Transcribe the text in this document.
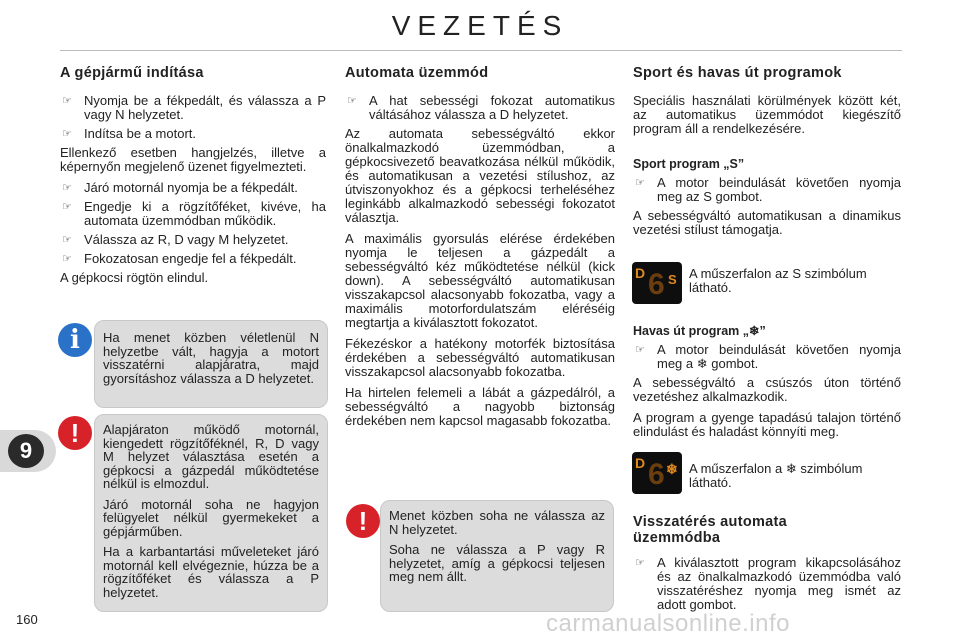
VEZETÉS
A gépjármű indítása
☞ Nyomja be a fékpedált, és válassza a P vagy N helyzetet.
☞ Indítsa be a motort.

Ellenkező esetben hangjelzés, illetve a képernyőn megjelenő üzenet figyelmezteti.

☞ Járó motornál nyomja be a fékpedált.
☞ Engedje ki a rögzítőféket, kivéve, ha automata üzemmódban működik.
☞ Válassza az R, D vagy M helyzetet.
☞ Fokozatosan engedje fel a fékpedált.

A gépkocsi rögtön elindul.

i	Ha menet közben véletlenül N helyzetbe vált, hagyja a motort visszatérni alapjáratra, majd gyorsításhoz válassza a D helyzetet.

!	Alapjáraton működő motornál, kiengedett rögzítőféknél, R, D vagy M helyzet választása esetén a gépkocsi a gázpedál működtetése nélkül is elmozdul.

Járó motornál soha ne hagyjon felügyelet nélkül gyermekeket a gépjárműben.

Ha a karbantartási műveleteket járó motornál kell elvégeznie, húzza be a rögzítőféket és válassza a P helyzetet.

Automata üzemmód
☞ A hat sebességi fokozat automatikus váltásához válassza a D helyzetet.

Az automata sebességváltó ekkor önalkalmazkodó üzemmódban, a gépkocsivezető beavatkozása nélkül működik, és automatikusan a vezetési stílushoz, az útviszonyokhoz és a gépkocsi terheléséhez leginkább alkalmazkodó sebességi fokozatot választja.

A maximális gyorsulás elérése érdekében nyomja le teljesen a gázpedált a sebességváltó kéz működtetése nélkül (kick down). A sebességváltó automatikusan visszakapcsol alacsonyabb fokozatba, vagy a maximális motorfordulatszám eléréséig megtartja a kiválasztott fokozatot.

Fékezéskor a hatékony motorfék biztosítása érdekében a sebességváltó automatikusan visszakapcsol alacsonyabb fokozatba.

Ha hirtelen felemeli a lábát a gázpedálról, a sebességváltó a nagyobb biztonság érdekében nem kapcsol magasabb fokozatba.

!	Menet közben soha ne válassza az N helyzetet.

Soha ne válassza a P vagy R helyzetet, amíg a gépkocsi teljesen meg nem állt.

Sport és havas út programok

Speciális használati körülmények között két, az automatikus üzemmódot kiegészítő program áll a rendelkezésére.

Sport program „S”
☞ A motor beindulását követően nyomja meg az S gombot.

A sebességváltó automatikusan a dinamikus vezetési stílust támogatja.

D 6 S A műszerfalon az S szimbólum látható.
Havas út program „❄”
☞ A motor beindulását követően nyomja meg a ❄ gombot.

A sebességváltó a csúszós úton történő vezetéshez alkalmazkodik.

A program a gyenge tapadású talajon történő elindulást és haladást könnyíti meg.

D 6 ❄ A műszerfalon a ❄ szimbólum látható.
Visszatérés automata üzemmódba
☞ A kiválasztott program kikapcsolásához és az önalkalmazkodó üzemmódba való visszatéréshez nyomja meg ismét az adott gombot.
9
160	carmanualsonline.info
